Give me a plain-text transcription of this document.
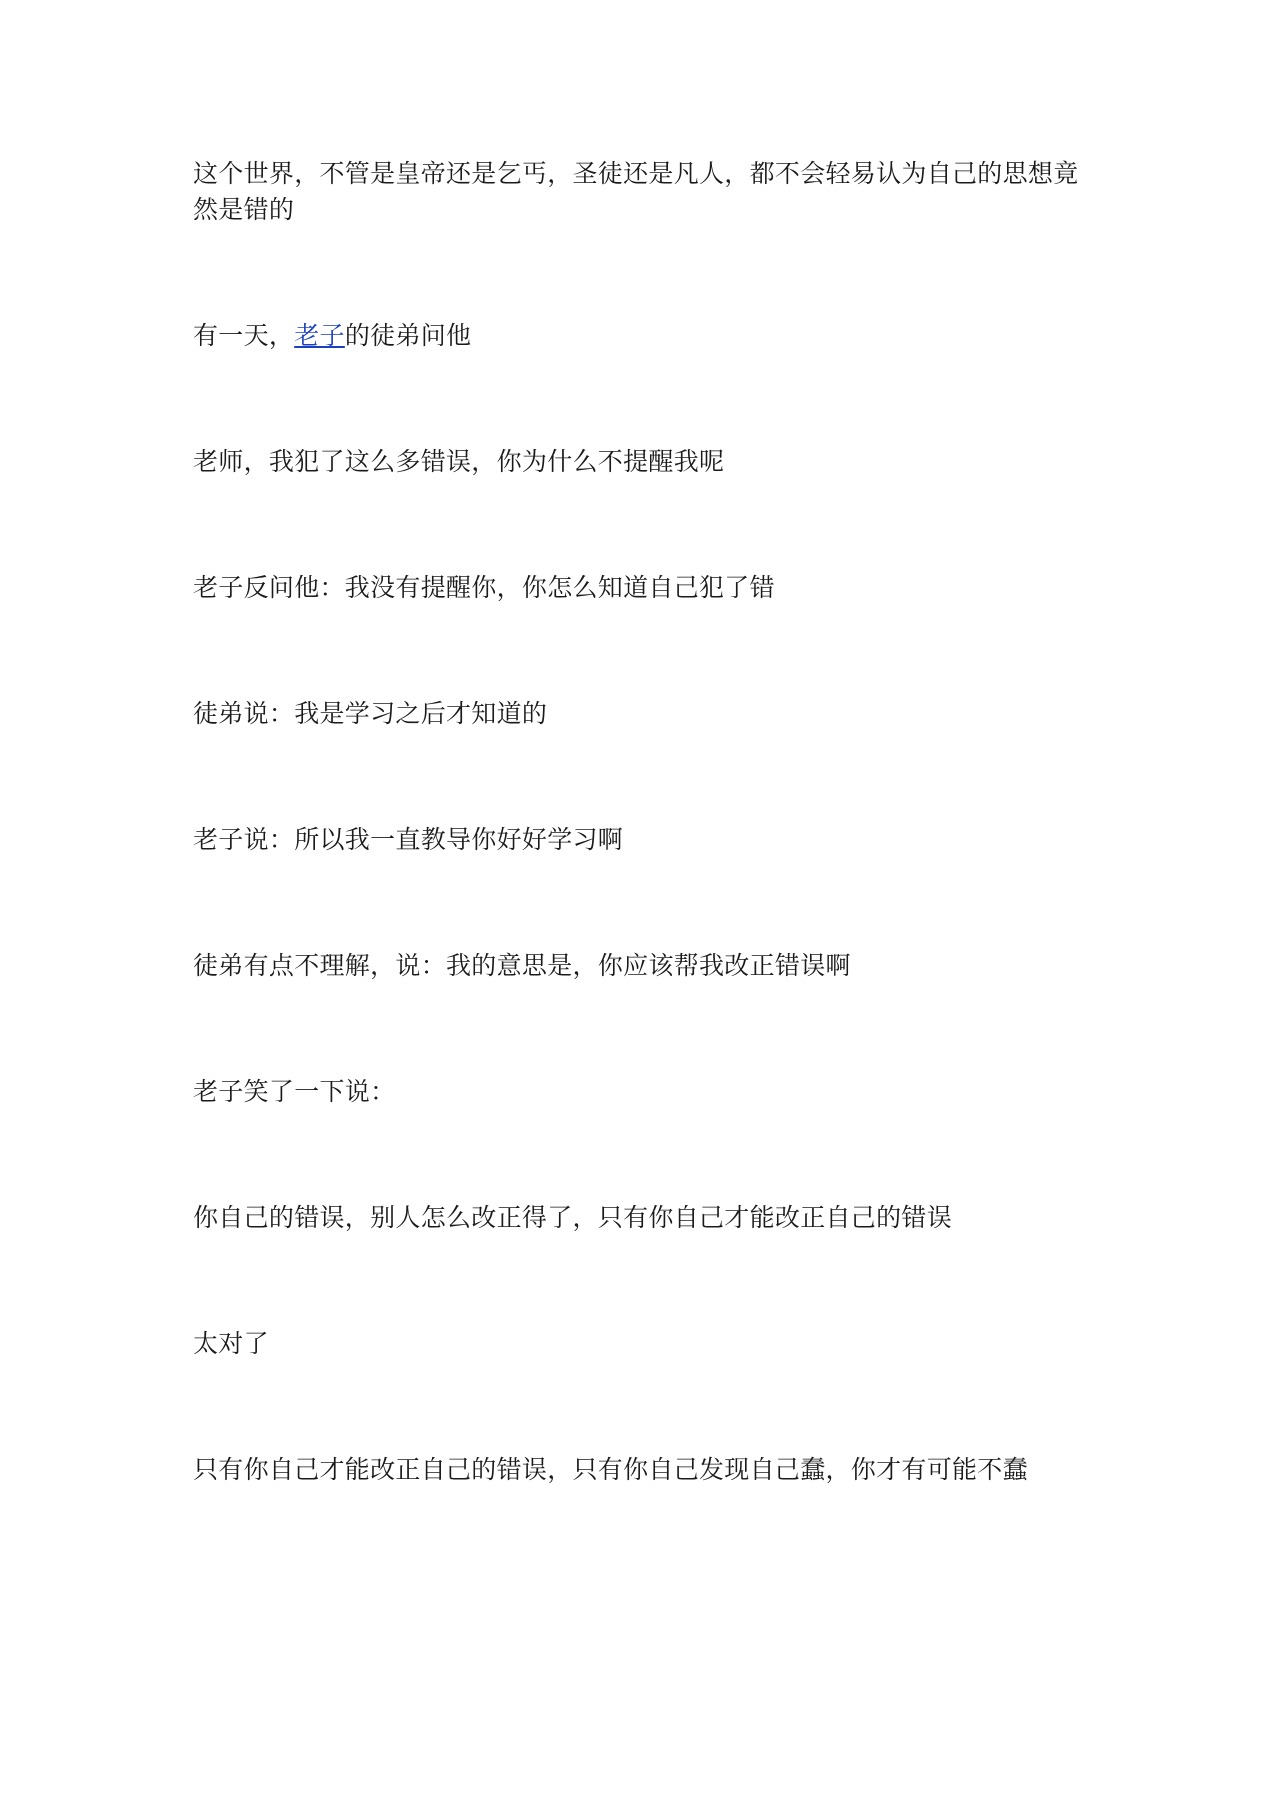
这个世界，不管是皇帝还是乞丐，圣徒还是凡人，都不会轻易认为自己的思想竟然是错的

有一天，老子的徒弟问他

老师，我犯了这么多错误，你为什么不提醒我呢

老子反问他：我没有提醒你，你怎么知道自己犯了错

徒弟说：我是学习之后才知道的

老子说：所以我一直教导你好好学习啊

徒弟有点不理解，说：我的意思是，你应该帮我改正错误啊

老子笑了一下说：

你自己的错误，别人怎么改正得了，只有你自己才能改正自己的错误

太对了

只有你自己才能改正自己的错误，只有你自己发现自己蠢，你才有可能不蠢
